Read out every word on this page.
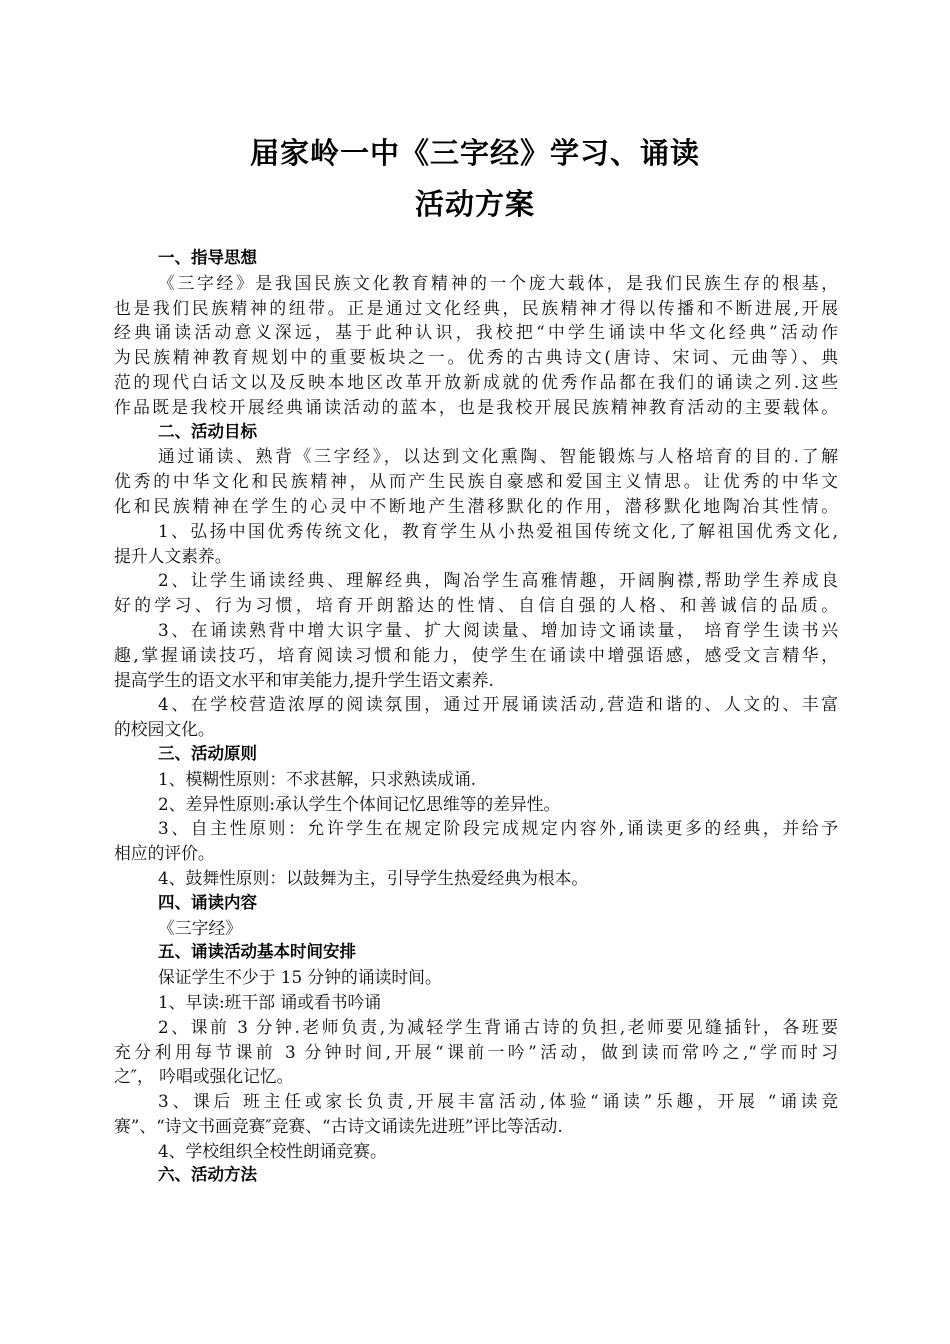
届家岭一中《三字经》学习、诵读
活动方案
一、指导思想
《三字经》是我国民族文化教育精神的一个庞大载体，是我们民族生存的根基，
也是我们民族精神的纽带。正是通过文化经典，民族精神才得以传播和不断进展,开展
经典诵读活动意义深远，基于此种认识，我校把“中学生诵读中华文化经典”活动作
为民族精神教育规划中的重要板块之一。优秀的古典诗文(唐诗、宋词、元曲等）、典
范的现代白话文以及反映本地区改革开放新成就的优秀作品都在我们的诵读之列.这些
作品既是我校开展经典诵读活动的蓝本，也是我校开展民族精神教育活动的主要载体。
二、活动目标
通过诵读、熟背《三字经》，以达到文化熏陶、智能锻炼与人格培育的目的.了解
优秀的中华文化和民族精神，从而产生民族自豪感和爱国主义情思。让优秀的中华文
化和民族精神在学生的心灵中不断地产生潜移默化的作用，潜移默化地陶冶其性情。
1、弘扬中国优秀传统文化，教育学生从小热爱祖国传统文化,了解祖国优秀文化,
提升人文素养。
2、让学生诵读经典、理解经典，陶冶学生高雅情趣，开阔胸襟,帮助学生养成良
好的学习、行为习惯，培育开朗豁达的性情、自信自强的人格、和善诚信的品质。
3、在诵读熟背中增大识字量、扩大阅读量、增加诗文诵读量， 培育学生读书兴
趣,掌握诵读技巧，培育阅读习惯和能力，使学生在诵读中增强语感，感受文言精华，
提高学生的语文水平和审美能力,提升学生语文素养.
4、在学校营造浓厚的阅读氛围，通过开展诵读活动,营造和谐的、人文的、丰富
的校园文化。
三、活动原则
1、模糊性原则：不求甚解，只求熟读成诵.
2、差异性原则:承认学生个体间记忆思维等的差异性。
3、自主性原则：允许学生在规定阶段完成规定内容外,诵读更多的经典，并给予
相应的评价。
4、鼓舞性原则：以鼓舞为主，引导学生热爱经典为根本。
四、诵读内容
《三字经》
五、诵读活动基本时间安排
保证学生不少于 15 分钟的诵读时间。
1、早读:班干部 诵或看书吟诵
2、课前 3 分钟.老师负责,为减轻学生背诵古诗的负担,老师要见缝插针，各班要
充分利用每节课前 3 分钟时间,开展“课前一吟”活动，做到读而常吟之,“学而时习
之″， 吟唱或强化记忆。
3、课后 班主任或家长负责,开展丰富活动,体验“诵读”乐趣，开展 “诵读竞
赛”、“诗文书画竞赛″竞赛、“古诗文诵读先进班”评比等活动.
4、学校组织全校性朗诵竞赛。
六、活动方法
